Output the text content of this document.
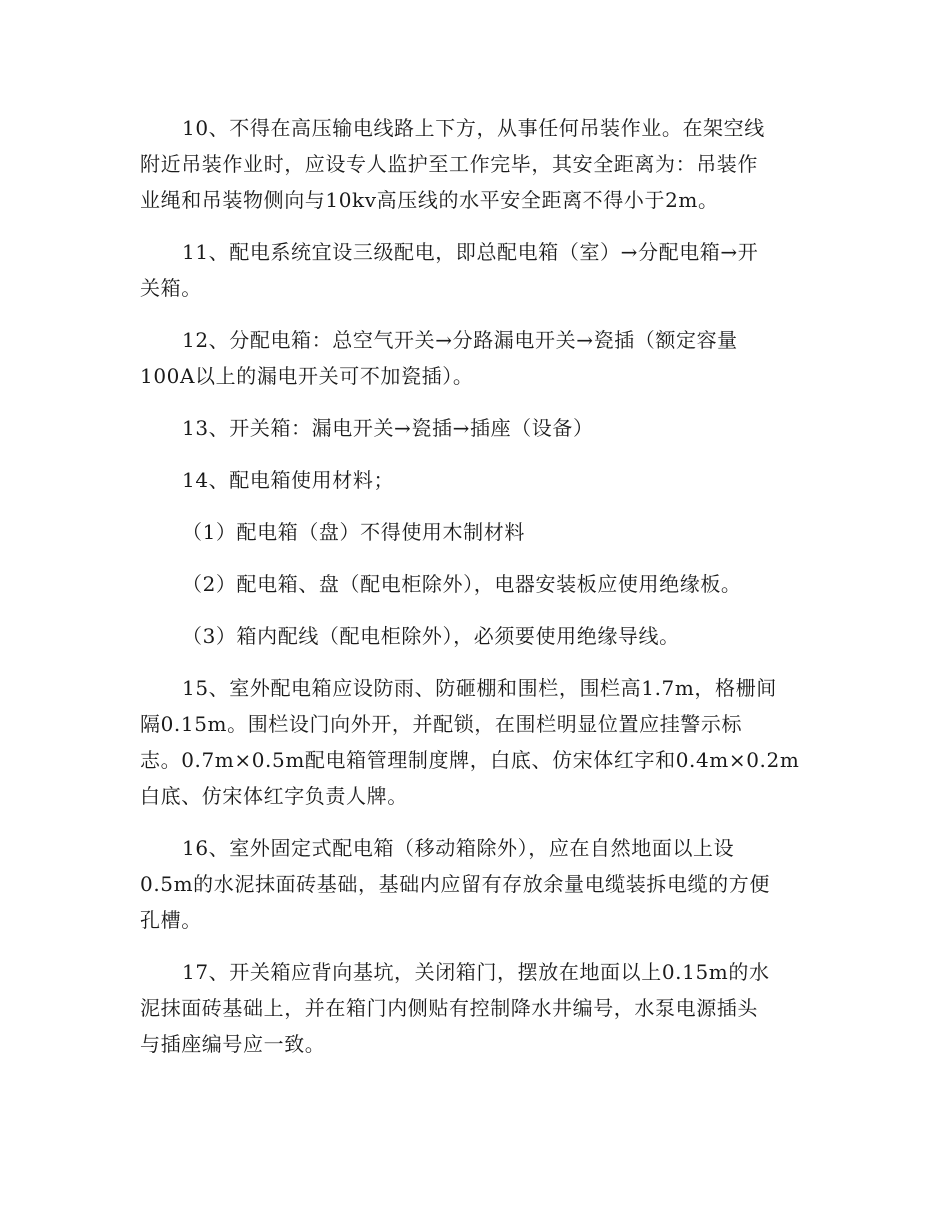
10、不得在高压输电线路上下方，从事任何吊装作业。在架空线
附近吊装作业时，应设专人监护至工作完毕，其安全距离为：吊装作
业绳和吊装物侧向与10kv高压线的水平安全距离不得小于2m。

11、配电系统宜设三级配电，即总配电箱（室）→分配电箱→开
关箱。

12、分配电箱：总空气开关→分路漏电开关→瓷插（额定容量
100A以上的漏电开关可不加瓷插）。

13、开关箱：漏电开关→瓷插→插座（设备）

14、配电箱使用材料；

（1）配电箱（盘）不得使用木制材料

（2）配电箱、盘（配电柜除外），电器安装板应使用绝缘板。

（3）箱内配线（配电柜除外），必须要使用绝缘导线。

15、室外配电箱应设防雨、防砸棚和围栏，围栏高1.7m，格栅间
隔0.15m。围栏设门向外开，并配锁，在围栏明显位置应挂警示标
志。0.7m×0.5m配电箱管理制度牌，白底、仿宋体红字和0.4m×0.2m
白底、仿宋体红字负责人牌。

16、室外固定式配电箱（移动箱除外），应在自然地面以上设
0.5m的水泥抹面砖基础，基础内应留有存放余量电缆装拆电缆的方便
孔槽。

17、开关箱应背向基坑，关闭箱门，摆放在地面以上0.15m的水
泥抹面砖基础上，并在箱门内侧贴有控制降水井编号，水泵电源插头
与插座编号应一致。
